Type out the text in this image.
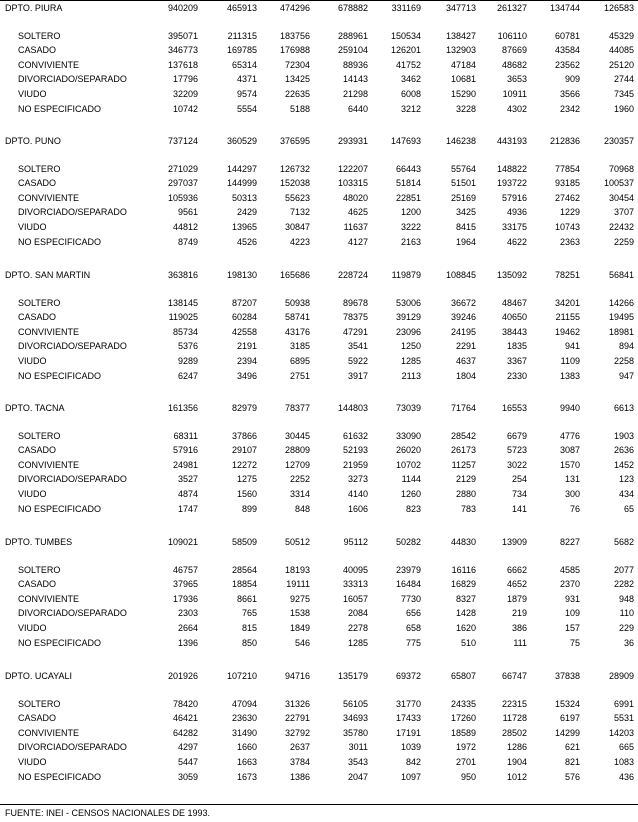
DPTO. PIURA	940209	465913	474296	678882	331169	347713	261327	134744	126583
SOLTERO	395071	211315	183756	288961	150534	138427	106110	60781	45329
CASADO	346773	169785	176988	259104	126201	132903	87669	43584	44085
CONVIVIENTE	137618	65314	72304	88936	41752	47184	48682	23562	25120
DIVORCIADO/SEPARADO	17796	4371	13425	14143	3462	10681	3653	909	2744
VIUDO	32209	9574	22635	21298	6008	15290	10911	3566	7345
NO ESPECIFICADO	10742	5554	5188	6440	3212	3228	4302	2342	1960
DPTO. PUNO	737124	360529	376595	293931	147693	146238	443193	212836	230357
SOLTERO	271029	144297	126732	122207	66443	55764	148822	77854	70968
CASADO	297037	144999	152038	103315	51814	51501	193722	93185	100537
CONVIVIENTE	105936	50313	55623	48020	22851	25169	57916	27462	30454
DIVORCIADO/SEPARADO	9561	2429	7132	4625	1200	3425	4936	1229	3707
VIUDO	44812	13965	30847	11637	3222	8415	33175	10743	22432
NO ESPECIFICADO	8749	4526	4223	4127	2163	1964	4622	2363	2259
DPTO. SAN MARTIN	363816	198130	165686	228724	119879	108845	135092	78251	56841
SOLTERO	138145	87207	50938	89678	53006	36672	48467	34201	14266
CASADO	119025	60284	58741	78375	39129	39246	40650	21155	19495
CONVIVIENTE	85734	42558	43176	47291	23096	24195	38443	19462	18981
DIVORCIADO/SEPARADO	5376	2191	3185	3541	1250	2291	1835	941	894
VIUDO	9289	2394	6895	5922	1285	4637	3367	1109	2258
NO ESPECIFICADO	6247	3496	2751	3917	2113	1804	2330	1383	947
DPTO. TACNA	161356	82979	78377	144803	73039	71764	16553	9940	6613
SOLTERO	68311	37866	30445	61632	33090	28542	6679	4776	1903
CASADO	57916	29107	28809	52193	26020	26173	5723	3087	2636
CONVIVIENTE	24981	12272	12709	21959	10702	11257	3022	1570	1452
DIVORCIADO/SEPARADO	3527	1275	2252	3273	1144	2129	254	131	123
VIUDO	4874	1560	3314	4140	1260	2880	734	300	434
NO ESPECIFICADO	1747	899	848	1606	823	783	141	76	65
DPTO. TUMBES	109021	58509	50512	95112	50282	44830	13909	8227	5682
SOLTERO	46757	28564	18193	40095	23979	16116	6662	4585	2077
CASADO	37965	18854	19111	33313	16484	16829	4652	2370	2282
CONVIVIENTE	17936	8661	9275	16057	7730	8327	1879	931	948
DIVORCIADO/SEPARADO	2303	765	1538	2084	656	1428	219	109	110
VIUDO	2664	815	1849	2278	658	1620	386	157	229
NO ESPECIFICADO	1396	850	546	1285	775	510	111	75	36
DPTO. UCAYALI	201926	107210	94716	135179	69372	65807	66747	37838	28909
SOLTERO	78420	47094	31326	56105	31770	24335	22315	15324	6991
CASADO	46421	23630	22791	34693	17433	17260	11728	6197	5531
CONVIVIENTE	64282	31490	32792	35780	17191	18589	28502	14299	14203
DIVORCIADO/SEPARADO	4297	1660	2637	3011	1039	1972	1286	621	665
VIUDO	5447	1663	3784	3543	842	2701	1904	821	1083
NO ESPECIFICADO	3059	1673	1386	2047	1097	950	1012	576	436
FUENTE: INEI - CENSOS NACIONALES DE 1993.
